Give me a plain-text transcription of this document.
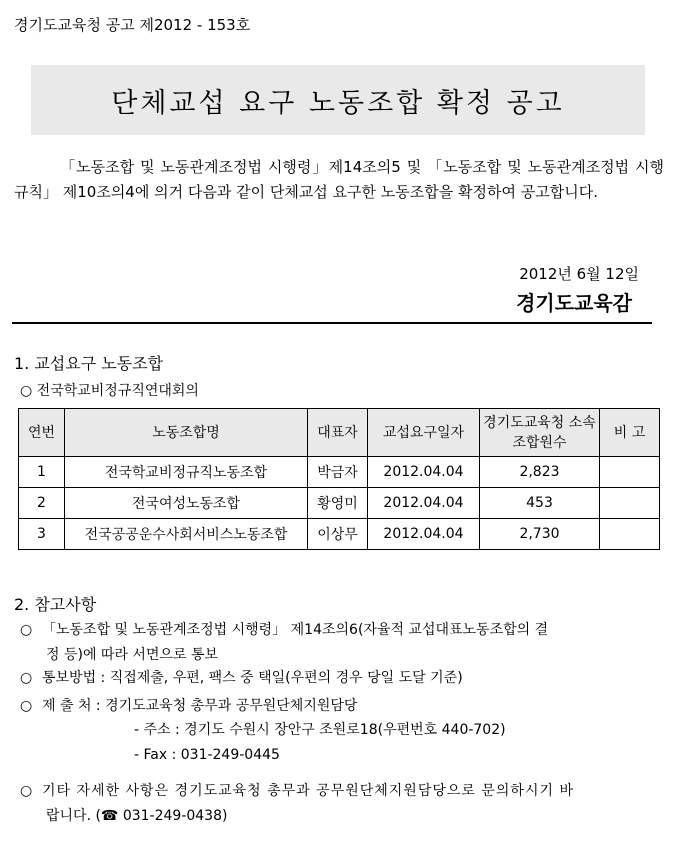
경기도교육청 공고 제2012 - 153호
단체교섭 요구 노동조합 확정 공고

「노동조합 및 노동관계조정법 시행령」제14조의5 및 「노동조합 및 노동관계조정법 시행규칙」 제10조의4에 의거 다음과 같이 단체교섭 요구한 노동조합을 확정하여 공고합니다.

2012년 6월 12일
경기도교육감
1. 교섭요구 노동조합
○ 전국학교비정규직연대회의
연번	노동조합명	대표자	교섭요구일자	경기도교육청 소속조합원수	비 고
1	전국학교비정규직노동조합	박금자	2012.04.04	2,823	
2	전국여성노동조합	황영미	2012.04.04	453	
3	전국공공운수사회서비스노동조합	이상무	2012.04.04	2,730	
2. 참고사항
○ 「노동조합 및 노동관계조정법 시행령」 제14조의6(자율적 교섭대표노동조합의 결
정 등)에 따라 서면으로 통보
○ 통보방법 : 직접제출, 우편, 팩스 중 택일(우편의 경우 당일 도달 기준)
○ 제 출 처 : 경기도교육청 총무과 공무원단체지원담당
- 주소 : 경기도 수원시 장안구 조원로18(우편번호 440-702)
- Fax : 031-249-0445
○ 기타 자세한 사항은 경기도교육청 총무과 공무원단체지원담당으로 문의하시기 바
랍니다. (☎ 031-249-0438)
